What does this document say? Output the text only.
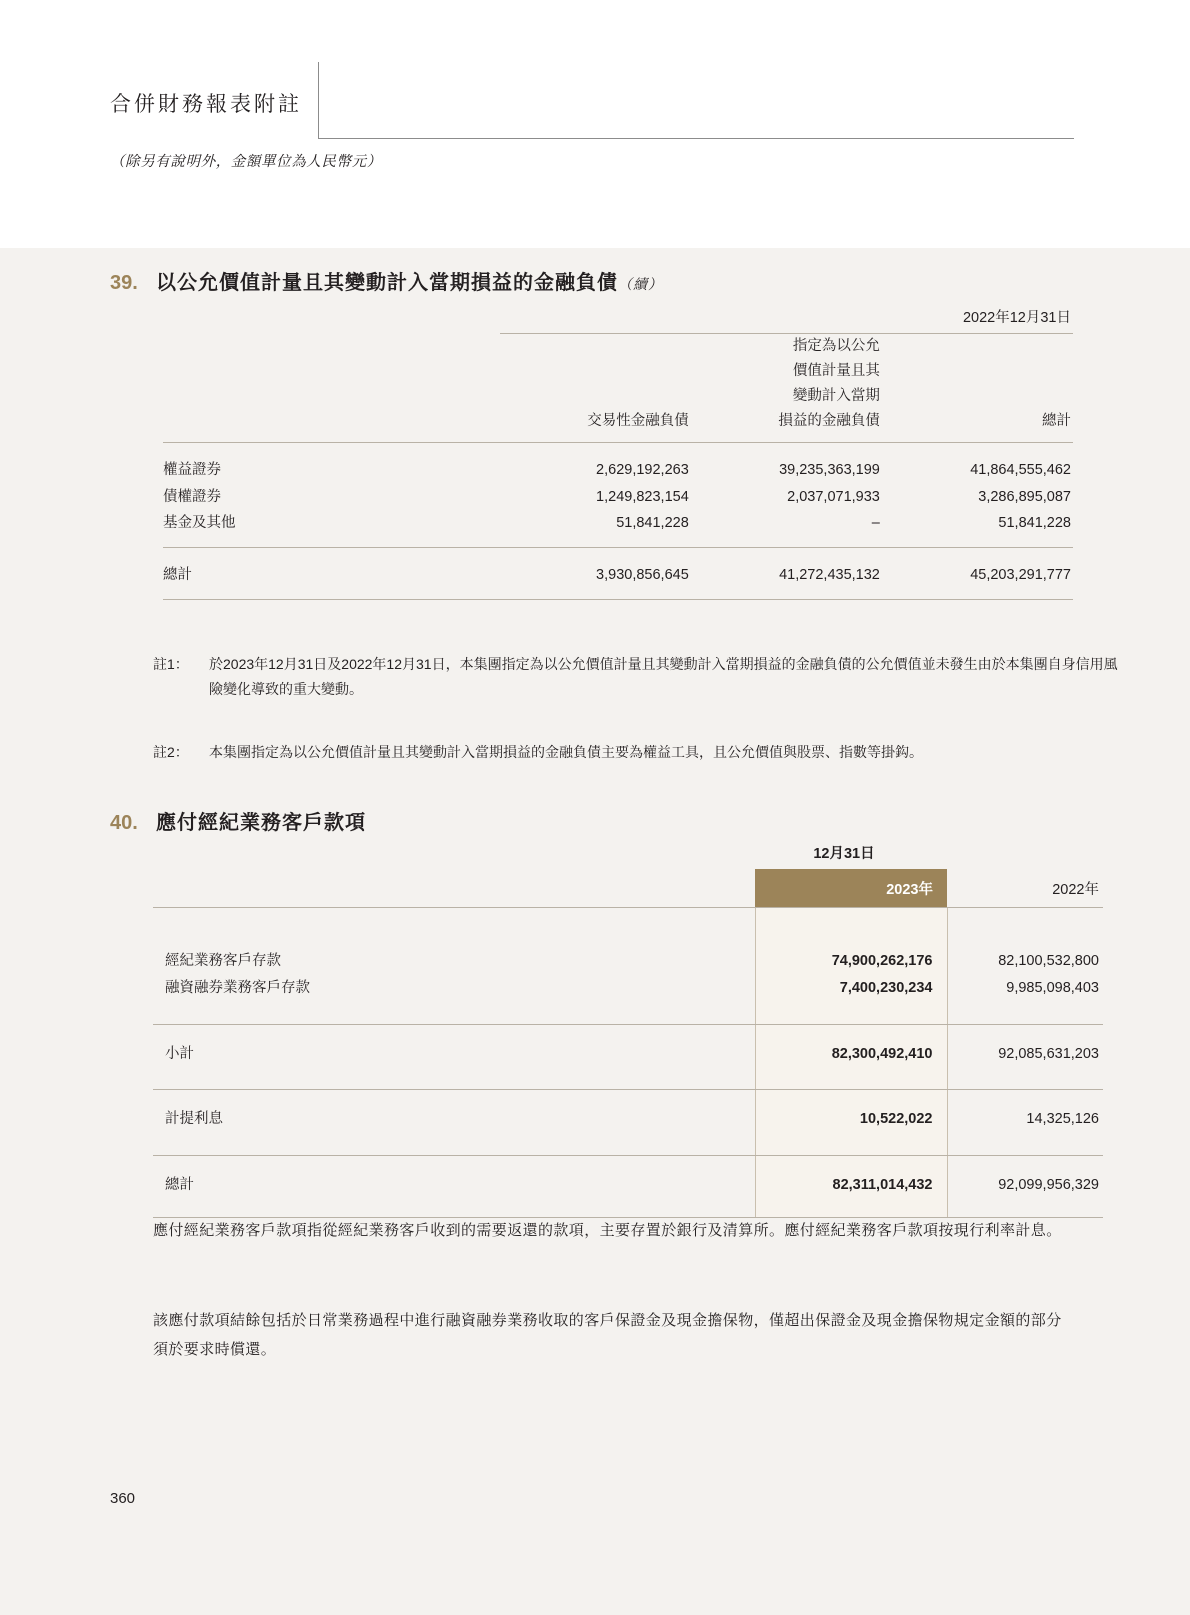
合併財務報表附註
（除另有說明外，金額單位為人民幣元）
39. 以公允價值計量且其變動計入當期損益的金融負債（續）
	2022年12月31日		
	交易性金融負債	指定為以公允
價值計量且其
變動計入當期
損益的金融負債	總計

權益證券	2,629,192,263	39,235,363,199	41,864,555,462
債權證券	1,249,823,154	2,037,071,933	3,286,895,087
基金及其他	51,841,228	–	51,841,228

總計	3,930,856,645	41,272,435,132	45,203,291,777

註1：	於2023年12月31日及2022年12月31日，本集團指定為以公允價值計量且其變動計入當期損益的金融負債的公允價值並未發生由於本集團自身信用風險變化導致的重大變動。
註2：	本集團指定為以公允價值計量且其變動計入當期損益的金融負債主要為權益工具，且公允價值與股票、指數等掛鈎。
40. 應付經紀業務客戶款項
	12月31日	
	2023年	2022年

經紀業務客戶存款	74,900,262,176	82,100,532,800
融資融券業務客戶存款	7,400,230,234	9,985,098,403

小計	82,300,492,410	92,085,631,203

計提利息	10,522,022	14,325,126

總計	82,311,014,432	92,099,956,329

應付經紀業務客戶款項指從經紀業務客戶收到的需要返還的款項，主要存置於銀行及清算所。應付經紀業務客戶款項按現行利率計息。
該應付款項結餘包括於日常業務過程中進行融資融券業務收取的客戶保證金及現金擔保物，僅超出保證金及現金擔保物規定金額的部分須於要求時償還。
360
